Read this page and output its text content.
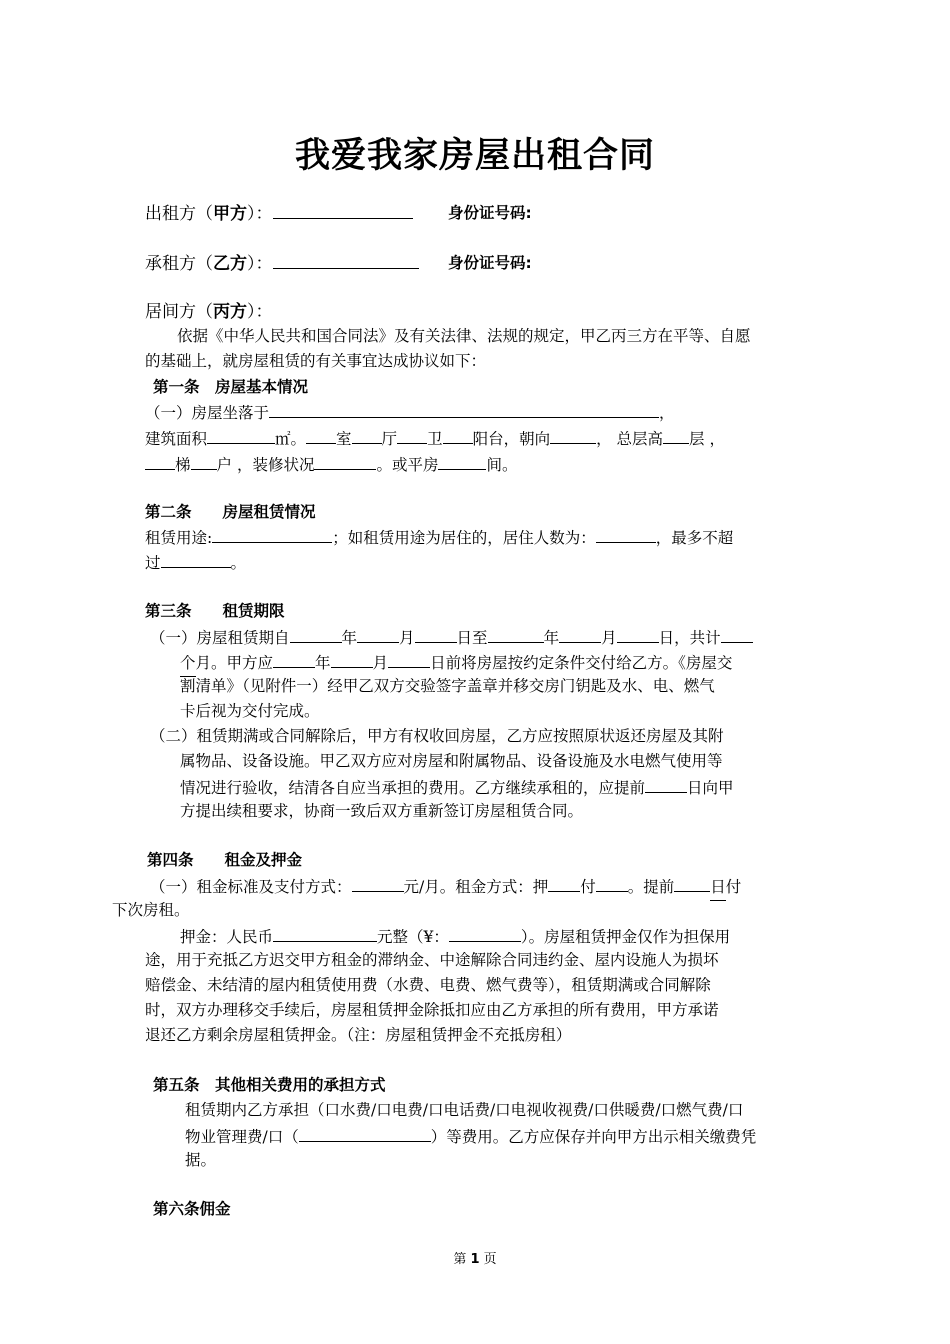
我爱我家房屋出租合同
出租方（甲方）：	身份证号码:
承租方（乙方）：	身份证号码:
居间方（丙方）：
依据《中华人民共和国合同法》及有关法律、法规的规定，甲乙丙三方在平等、自愿
的基础上，就房屋租赁的有关事宜达成协议如下：
第一条　房屋基本情况
（一）房屋坐落于	，
建筑面积	㎡。 室 厅 卫 阳台，朝向	， 总层高 层 ，
梯 户 ，装修状况	。或平房	间。
第二条　　房屋租赁情况
租赁用途:	；如租赁用途为居住的，居住人数为：	，最多不超
过	。
第三条　　租赁期限
（一）房屋租赁期自	年	月	日至	年	月	日，共计
个月。甲方应	年	月	日前将房屋按约定条件交付给乙方。《房屋交
割清单》（见附件一）经甲乙双方交验签字盖章并移交房门钥匙及水、电、燃气
卡后视为交付完成。
（二）租赁期满或合同解除后，甲方有权收回房屋，乙方应按照原状返还房屋及其附
属物品、设备设施。甲乙双方应对房屋和附属物品、设备设施及水电燃气使用等
情况进行验收，结清各自应当承担的费用。乙方继续承租的，应提前	日向甲
方提出续租要求，协商一致后双方重新签订房屋租赁合同。
第四条　　租金及押金
（一）租金标准及支付方式：	元/月。租金方式：押 付 。提前 日付
下次房租。
押金：人民币	元整（¥：	）。房屋租赁押金仅作为担保用
途，用于充抵乙方迟交甲方租金的滞纳金、中途解除合同违约金、屋内设施人为损坏
赔偿金、未结清的屋内租赁使用费（水费、电费、燃气费等），租赁期满或合同解除
时，双方办理移交手续后，房屋租赁押金除抵扣应由乙方承担的所有费用，甲方承诺
退还乙方剩余房屋租赁押金。（注：房屋租赁押金不充抵房租）
第五条　其他相关费用的承担方式
租赁期内乙方承担（口水费/口电费/口电话费/口电视收视费/口供暖费/口燃气费/口
物业管理费/口（	）等费用。乙方应保存并向甲方出示相关缴费凭
据。
第六条佣金
第 1 页
